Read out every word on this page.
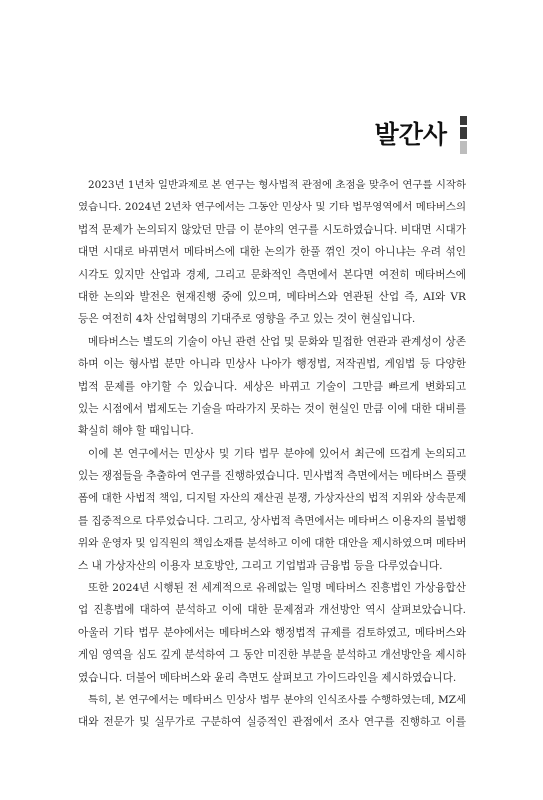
발간사
2023년 1년차 일반과제로 본 연구는 형사법적 관점에 초점을 맞추어 연구를 시작하
였습니다. 2024년 2년차 연구에서는 그동안 민상사 및 기타 법무영역에서 메타버스의
법적 문제가 논의되지 않았던 만큼 이 분야의 연구를 시도하였습니다. 비대면 시대가
대면 시대로 바뀌면서 메타버스에 대한 논의가 한풀 꺾인 것이 아니냐는 우려 섞인
시각도 있지만 산업과 경제, 그리고 문화적인 측면에서 본다면 여전히 메타버스에
대한 논의와 발전은 현재진행 중에 있으며, 메타버스와 연관된 산업 즉, AI와 VR
등은 여전히 4차 산업혁명의 기대주로 영향을 주고 있는 것이 현실입니다.
메타버스는 별도의 기술이 아닌 관련 산업 및 문화와 밀접한 연관과 관계성이 상존
하며 이는 형사법 분만 아니라 민상사 나아가 행정법, 저작권법, 게임법 등 다양한
법적 문제를 야기할 수 있습니다. 세상은 바뀌고 기술이 그만큼 빠르게 변화되고
있는 시점에서 법제도는 기술을 따라가지 못하는 것이 현실인 만큼 이에 대한 대비를
확실히 해야 할 때입니다.
이에 본 연구에서는 민상사 및 기타 법무 분야에 있어서 최근에 뜨겁게 논의되고
있는 쟁점들을 추출하여 연구를 진행하였습니다. 민사법적 측면에서는 메타버스 플랫
폼에 대한 사법적 책임, 디지털 자산의 재산권 분쟁, 가상자산의 법적 지위와 상속문제
를 집중적으로 다루었습니다. 그리고, 상사법적 측면에서는 메타버스 이용자의 불법행
위와 운영자 및 임직원의 책임소재를 분석하고 이에 대한 대안을 제시하였으며 메타버
스 내 가상자산의 이용자 보호방안, 그리고 기업법과 금융법 등을 다루었습니다.
또한 2024년 시행된 전 세계적으로 유례없는 일명 메타버스 진흥법인 가상융합산
업 진흥법에 대하여 분석하고 이에 대한 문제점과 개선방안 역시 살펴보았습니다.
아울러 기타 법무 분야에서는 메타버스와 행정법적 규제를 검토하였고, 메타버스와
게임 영역을 심도 깊게 분석하여 그 동안 미진한 부분을 분석하고 개선방안을 제시하
였습니다. 더불어 메타버스와 윤리 측면도 살펴보고 가이드라인을 제시하였습니다.
특히, 본 연구에서는 메타버스 민상사 법무 분야의 인식조사를 수행하였는데, MZ세
대와 전문가 및 실무가로 구분하여 실증적인 관점에서 조사 연구를 진행하고 이를
